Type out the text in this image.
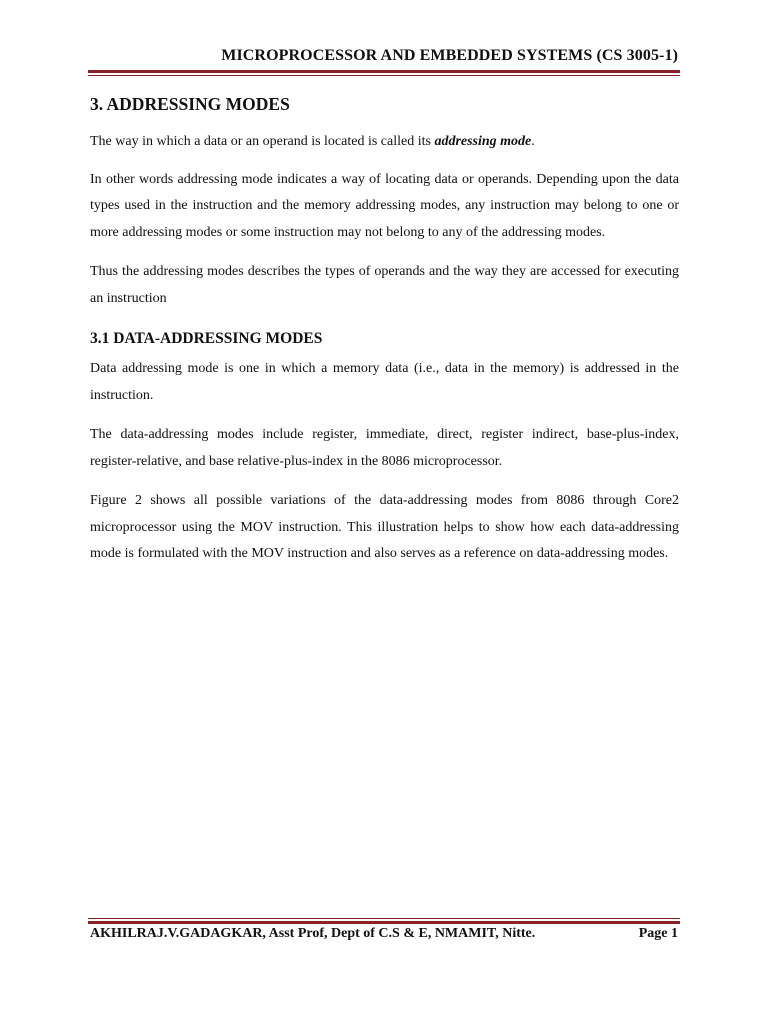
MICROPROCESSOR AND EMBEDDED SYSTEMS (CS 3005-1)
3. ADDRESSING MODES

The way in which a data or an operand is located is called its addressing mode.

In other words addressing mode indicates a way of locating data or operands. Depending upon the data types used in the instruction and the memory addressing modes, any instruction may belong to one or more addressing modes or some instruction may not belong to any of the addressing modes.

Thus the addressing modes describes the types of operands and the way they are accessed for executing an instruction

3.1 DATA-ADDRESSING MODES

Data addressing mode is one in which a memory data (i.e., data in the memory) is addressed in the instruction.

The data-addressing modes include register, immediate, direct, register indirect, base-plus-index, register-relative, and base relative-plus-index in the 8086 microprocessor.

Figure 2 shows all possible variations of the data-addressing modes from 8086 through Core2 microprocessor using the MOV instruction. This illustration helps to show how each data-addressing mode is formulated with the MOV instruction and also serves as a reference on data-addressing modes.

AKHILRAJ.V.GADAGKAR, Asst Prof, Dept of C.S & E, NMAMIT, Nitte.	Page 1
